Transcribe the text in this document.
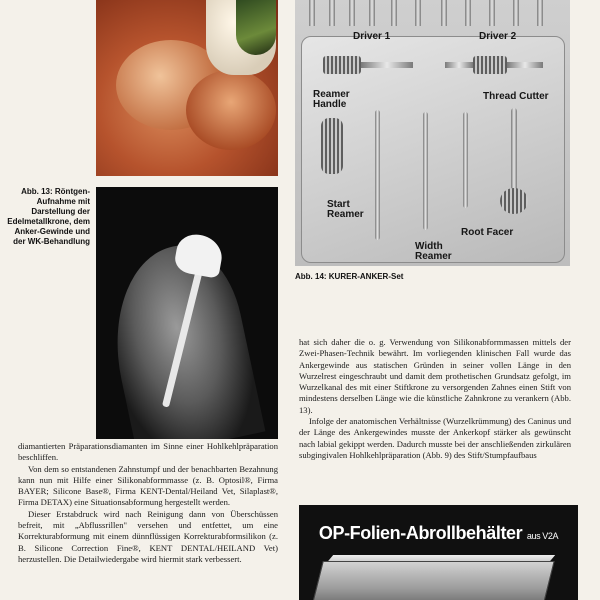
Abb. 13: Röntgen-Aufnahme mit Darstellung der Edelmetallkrone, dem Anker-Gewinde und der WK-Behandlung
Driver 1	Driver 2
Reamer
Handle
Thread Cutter
Start
Reamer
Root Facer
Width
Reamer
Abb. 14: KURER-ANKER-Set

hat sich daher die o. g. Verwendung von Silikonabformmassen mittels der Zwei-Phasen-Technik bewährt. Im vorliegenden klinischen Fall wurde das Ankergewinde aus statischen Gründen in seiner vollen Länge in den Wurzelrest eingeschraubt und damit dem prothetischen Grundsatz gefolgt, im Wurzelkanal des mit einer Stiftkrone zu versorgenden Zahnes einen Stift von mindestens derselben Länge wie die künstliche Zahnkrone zu verankern (Abb. 13).

Infolge der anatomischen Verhältnisse (Wurzelkrümmung) des Caninus und der Länge des Ankergewindes musste der Ankerkopf stärker als gewünscht nach labial gekippt werden. Dadurch musste bei der anschließenden zirkulären subgingivalen Hohlkehlpräparation (Abb. 9) des Stift/Stumpfaufbaus

diamantierten Präparationsdiamanten im Sinne einer Hohlkehlpräparation beschliffen.

Von dem so entstandenen Zahnstumpf und der benachbarten Bezahnung kann nun mit Hilfe einer Silikonabformmasse (z. B. Optosil®, Firma BAYER; Silicone Base®, Firma KENT-Dental/Heiland Vet, Silaplast®, Firma DETAX) eine Situationsabformung hergestellt werden.

Dieser Erstabdruck wird nach Reinigung dann von Überschüssen befreit, mit „Abflussrillen" versehen und entfettet, um eine Korrekturabformung mit einem dünnflüssigen Korrekturabformsilikon (z. B. Silicone Correction Fine®, KENT DENTAL/HEILAND Vet) herzustellen. Die Detailwiedergabe wird hiermit stark verbessert.

OP-Folien-Abrollbehälter aus V2A
